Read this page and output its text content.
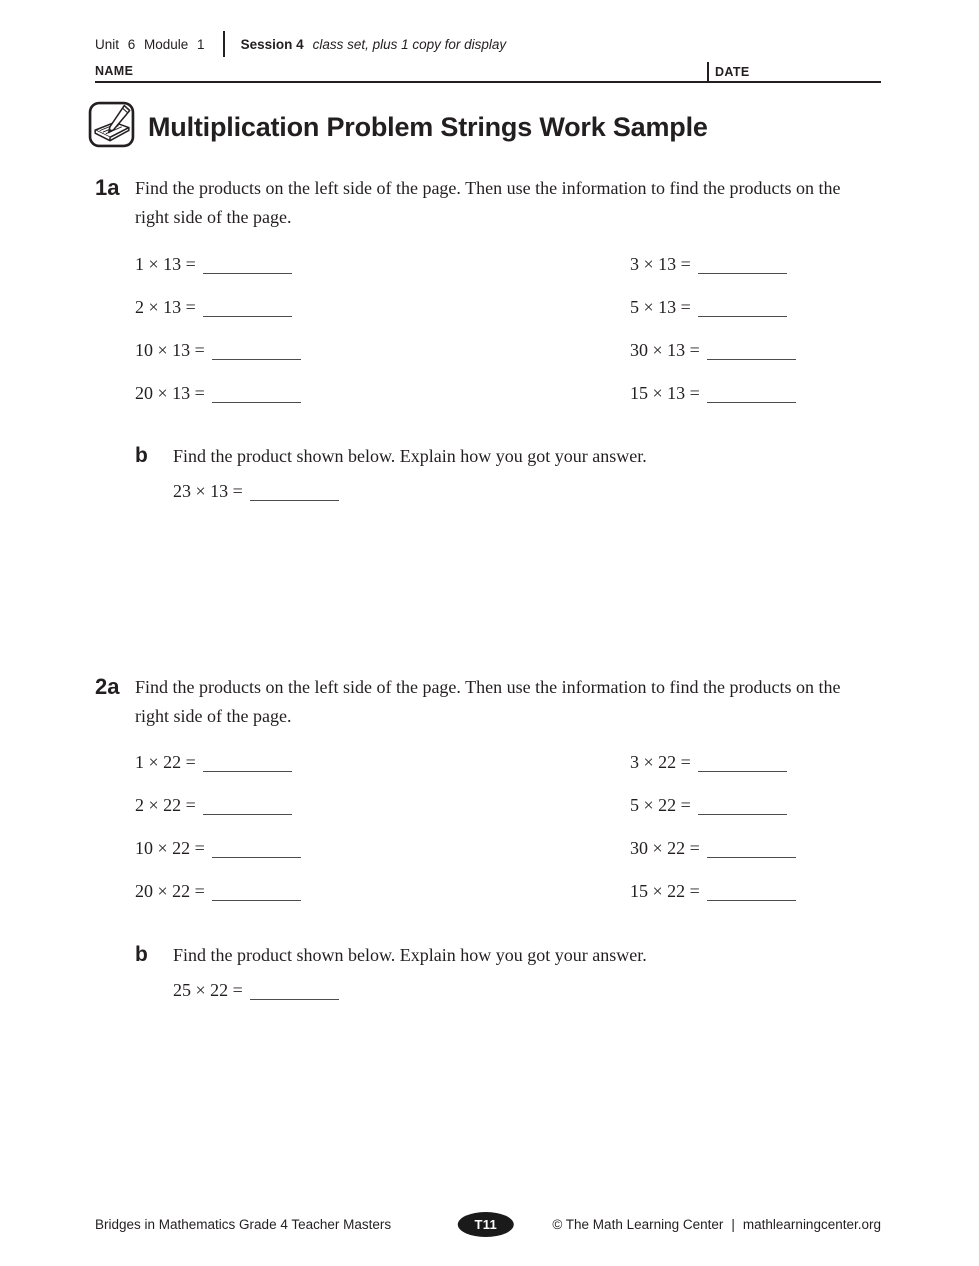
Unit 6 Module 1	Session 4 class set, plus 1 copy for display
NAME	DATE
Multiplication Problem Strings Work Sample
1a Find the products on the left side of the page. Then use the information to find the products on the right side of the page.
1 × 13 =	3 × 13 =
2 × 13 =	5 × 13 =
10 × 13 =	30 × 13 =
20 × 13 =	15 × 13 =
b	Find the product shown below. Explain how you got your answer.
23 × 13 =
2a Find the products on the left side of the page. Then use the information to find the products on the right side of the page.
1 × 22 =	3 × 22 =
2 × 22 =	5 × 22 =
10 × 22 =	30 × 22 =
20 × 22 =	15 × 22 =
b	Find the product shown below. Explain how you got your answer.
25 × 22 =
Bridges in Mathematics Grade 4 Teacher Masters	T11	© The Math Learning Center | mathlearningcenter.org
